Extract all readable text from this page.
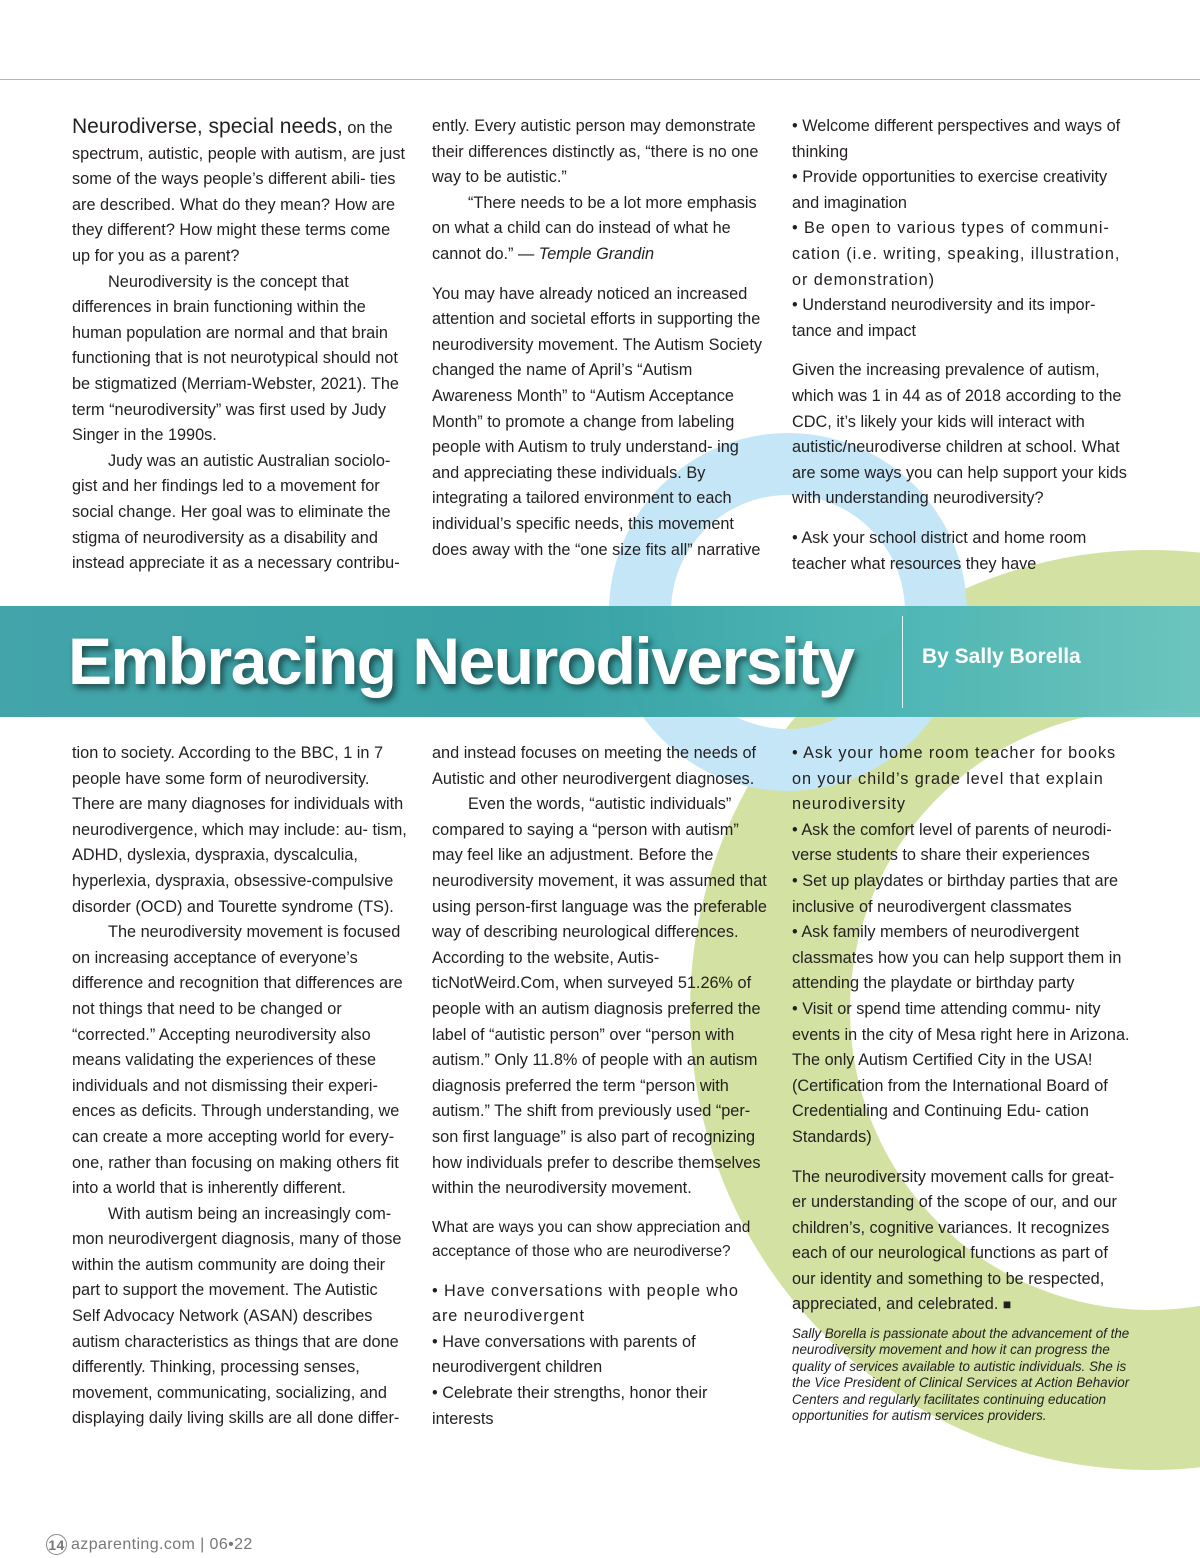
Neurodiverse, special needs, on the spectrum, autistic, people with autism, are just some of the ways people’s different abili- ties are described. What do they mean? How are they different? How might these terms come up for you as a parent?

Neurodiversity is the concept that differences in brain functioning within the human population are normal and that brain functioning that is not neurotypical should not be stigmatized (Merriam-Webster, 2021). The term “neurodiversity” was first used by Judy Singer in the 1990s.

Judy was an autistic Australian sociolo- gist and her findings led to a movement for social change. Her goal was to eliminate the stigma of neurodiversity as a disability and instead appreciate it as a necessary contribu-

ently. Every autistic person may demonstrate their differences distinctly as, “there is no one way to be autistic.”

“There needs to be a lot more emphasis on what a child can do instead of what he cannot do.” — Temple Grandin

You may have already noticed an increased attention and societal efforts in supporting the neurodiversity movement. The Autism Society changed the name of April’s “Autism Awareness Month” to “Autism Acceptance Month” to promote a change from labeling people with Autism to truly understand- ing and appreciating these individuals. By integrating a tailored environment to each individual’s specific needs, this movement does away with the “one size fits all” narrative

• Welcome different perspectives and ways of thinking

• Provide opportunities to exercise creativity and imagination

• Be open to various types of communi- cation (i.e. writing, speaking, illustration, or demonstration)

• Understand neurodiversity and its impor- tance and impact

Given the increasing prevalence of autism, which was 1 in 44 as of 2018 according to the CDC, it’s likely your kids will interact with autistic/neurodiverse children at school. What are some ways you can help support your kids with understanding neurodiversity?

• Ask your school district and home room teacher what resources they have

Embracing Neurodiversity	By Sally Borella

tion to society. According to the BBC, 1 in 7 people have some form of neurodiversity. There are many diagnoses for individuals with neurodivergence, which may include: au- tism, ADHD, dyslexia, dyspraxia, dyscalculia, hyperlexia, dyspraxia, obsessive-compulsive disorder (OCD) and Tourette syndrome (TS).

The neurodiversity movement is focused on increasing acceptance of everyone’s difference and recognition that differences are not things that need to be changed or “corrected.” Accepting neurodiversity also means validating the experiences of these individuals and not dismissing their experi- ences as deficits. Through understanding, we can create a more accepting world for every- one, rather than focusing on making others fit into a world that is inherently different.

With autism being an increasingly com- mon neurodivergent diagnosis, many of those within the autism community are doing their part to support the movement. The Autistic Self Advocacy Network (ASAN) describes autism characteristics as things that are done differently. Thinking, processing senses, movement, communicating, socializing, and displaying daily living skills are all done differ-

and instead focuses on meeting the needs of Autistic and other neurodivergent diagnoses.

Even the words, “autistic individuals” compared to saying a “person with autism” may feel like an adjustment. Before the neurodiversity movement, it was assumed that using person-first language was the preferable way of describing neurological differences. According to the website, Autis- ticNotWeird.Com, when surveyed 51.26% of people with an autism diagnosis preferred the label of “autistic person” over “person with autism.” Only 11.8% of people with an autism diagnosis preferred the term “person with autism.” The shift from previously used “per- son first language” is also part of recognizing how individuals prefer to describe themselves within the neurodiversity movement.

What are ways you can show appreciation and acceptance of those who are neurodiverse?

• Have conversations with people who are neurodivergent

• Have conversations with parents of neurodivergent children

• Celebrate their strengths, honor their interests

• Ask your home room teacher for books on your child’s grade level that explain neurodiversity

• Ask the comfort level of parents of neurodi- verse students to share their experiences

• Set up playdates or birthday parties that are inclusive of neurodivergent classmates

• Ask family members of neurodivergent classmates how you can help support them in attending the playdate or birthday party

• Visit or spend time attending commu- nity events in the city of Mesa right here in Arizona. The only Autism Certified City in the USA! (Certification from the International Board of Credentialing and Continuing Edu- cation Standards)

The neurodiversity movement calls for great- er understanding of the scope of our, and our children’s, cognitive variances. It recognizes each of our neurological functions as part of our identity and something to be respected, appreciated, and celebrated. ■

Sally Borella is passionate about the advancement of the neurodiversity movement and how it can progress the quality of services available to autistic individuals. She is the Vice President of Clinical Services at Action Behavior Centers and regularly facilitates continuing education opportunities for autism services providers.
14 azparenting.com | 06•22
